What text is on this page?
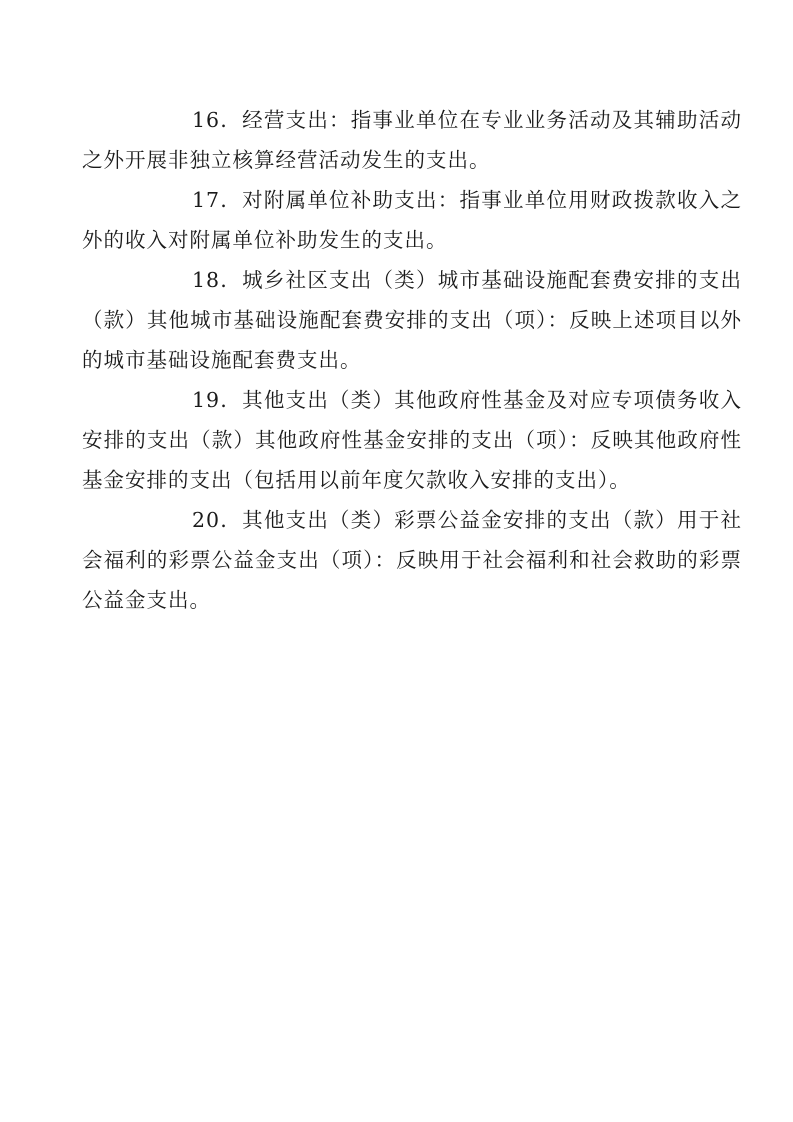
16．经营支出：指事业单位在专业业务活动及其辅助活动之外开展非独立核算经营活动发生的支出。

17．对附属单位补助支出：指事业单位用财政拨款收入之外的收入对附属单位补助发生的支出。

18．城乡社区支出（类）城市基础设施配套费安排的支出（款）其他城市基础设施配套费安排的支出（项）：反映上述项目以外的城市基础设施配套费支出。

19．其他支出（类）其他政府性基金及对应专项债务收入安排的支出（款）其他政府性基金安排的支出（项）：反映其他政府性基金安排的支出（包括用以前年度欠款收入安排的支出）。

20．其他支出（类）彩票公益金安排的支出（款）用于社会福利的彩票公益金支出（项）：反映用于社会福利和社会救助的彩票公益金支出。
